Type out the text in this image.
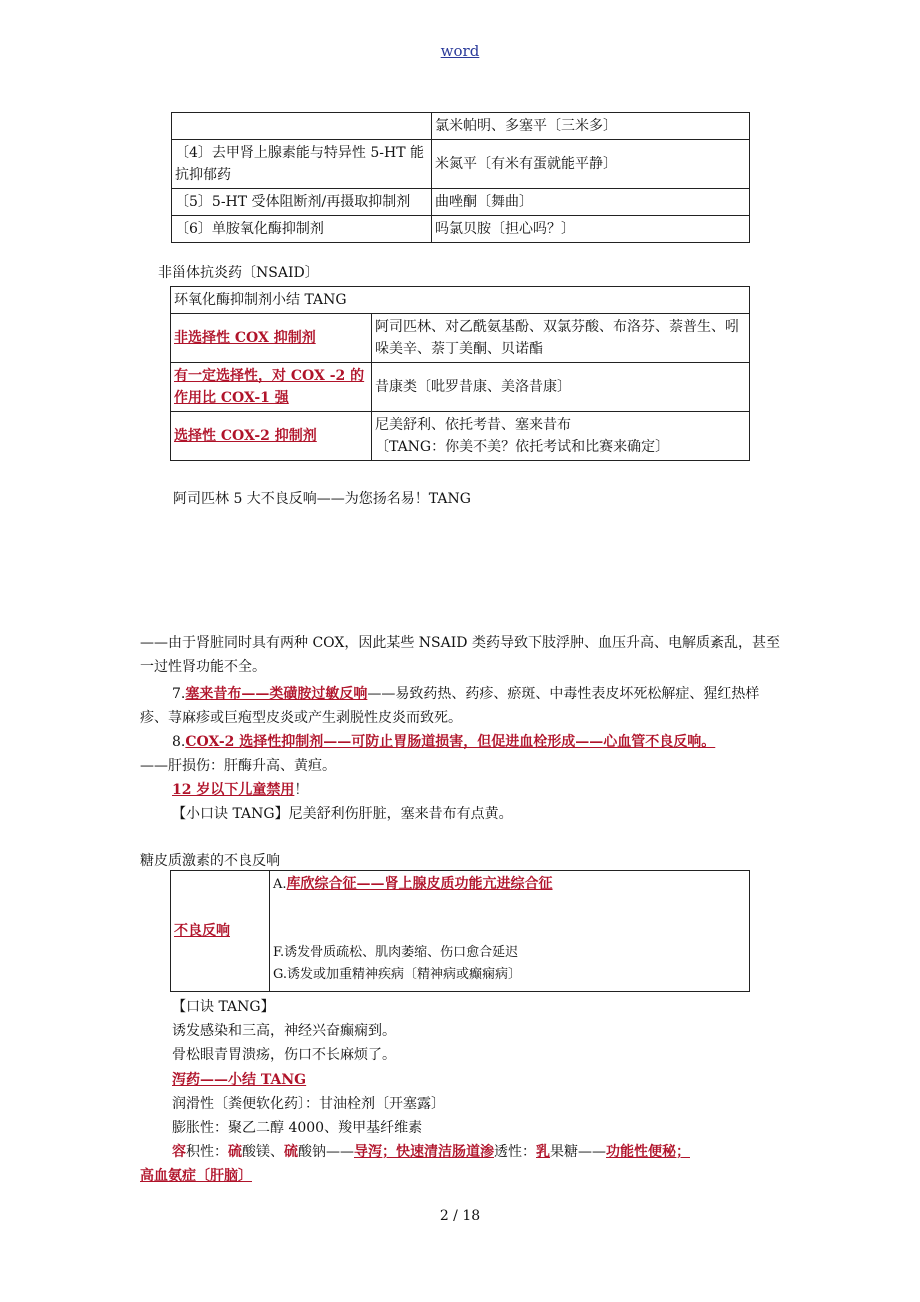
word
	氯米帕明、多塞平〔三米多〕
〔4〕去甲肾上腺素能与特异性 5-HT 能抗抑郁药	米氮平〔有米有蛋就能平静〕
〔5〕5-HT 受体阻断剂/再摄取抑制剂	曲唑酮〔舞曲〕
〔6〕单胺氧化酶抑制剂	吗氯贝胺〔担心吗？〕
非甾体抗炎药〔NSAID〕
环氧化酶抑制剂小结 TANG	
非选择性 COX 抑制剂	阿司匹林、对乙酰氨基酚、双氯芬酸、布洛芬、萘普生、吲哚美辛、萘丁美酮、贝诺酯
有一定选择性，对 COX -2 的作用比 COX-1 强	昔康类〔吡罗昔康、美洛昔康〕
选择性 COX-2 抑制剂	尼美舒利、依托考昔、塞来昔布
〔TANG：你美不美？依托考试和比赛来确定〕
阿司匹林 5 大不良反响——为您扬名易！TANG
——由于肾脏同时具有两种 COX，因此某些 NSAID 类药导致下肢浮肿、血压升高、电解质紊乱，甚至一过性肾功能不全。
7.塞来昔布——类磺胺过敏反响——易致药热、药疹、瘀斑、中毒性表皮坏死松解症、猩红热样疹、荨麻疹或巨疱型皮炎或产生剥脱性皮炎而致死。
8.COX-2 选择性抑制剂——可防止胃肠道损害，但促进血栓形成——心血管不良反响。
——肝损伤：肝酶升高、黄疸。
12 岁以下儿童禁用！
【小口诀 TANG】尼美舒利伤肝脏，塞来昔布有点黄。
糖皮质激素的不良反响
不良反响	
A.库欣综合征——肾上腺皮质功能亢进综合征
F.诱发骨质疏松、肌肉萎缩、伤口愈合延迟
G.诱发或加重精神疾病〔精神病或癫痫病〕
【口诀 TANG】
诱发感染和三高，神经兴奋癫痫到。
骨松眼青胃溃疡，伤口不长麻烦了。
泻药——小结 TANG
润滑性〔粪便软化药〕：甘油栓剂〔开塞露〕
膨胀性：聚乙二醇 4000、羧甲基纤维素
容积性：硫酸镁、硫酸钠——导泻；快速清洁肠道渗透性：乳果糖——功能性便秘；
高血氨症〔肝脑〕
2 / 18
